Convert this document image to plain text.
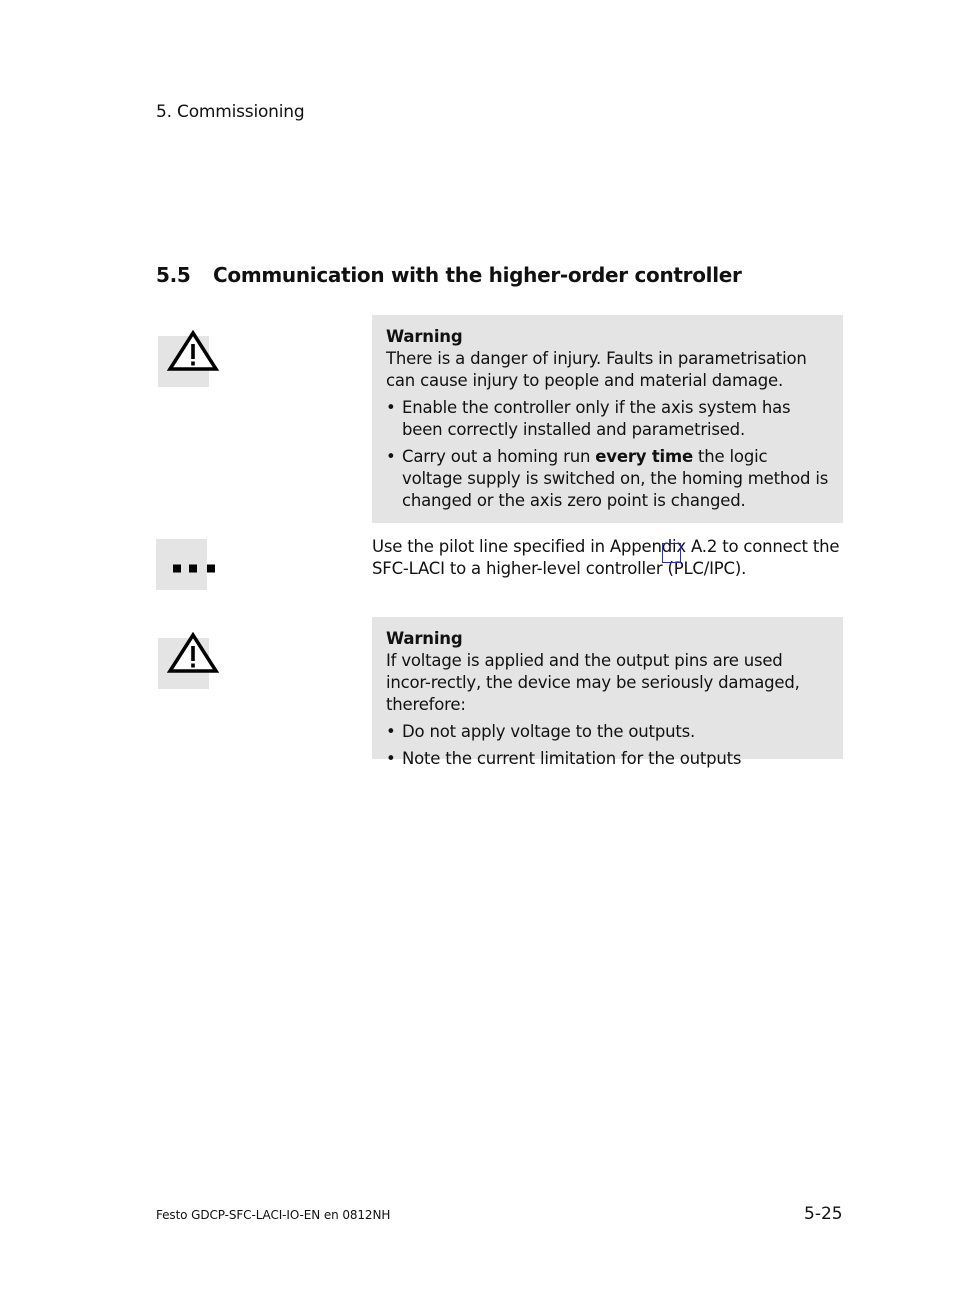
5. Commissioning
5.5	Communication with the higher-order controller
Warning
There is a danger of injury. Faults in parametrisation can cause injury to people and material damage.
• Enable the controller only if the axis system has been correctly installed and parametrised.
• Carry out a homing run every time the logic voltage supply is switched on, the homing method is changed or the axis zero point is changed.
Use the pilot line specified in Appendix A.2 to connect the SFC-LACI to a higher-level controller (PLC/IPC).
Warning
If voltage is applied and the output pins are used incor-rectly, the device may be seriously damaged, therefore:
• Do not apply voltage to the outputs.
• Note the current limitation for the outputs
Festo GDCP-SFC-LACI-IO-EN en 0812NH	5-25
